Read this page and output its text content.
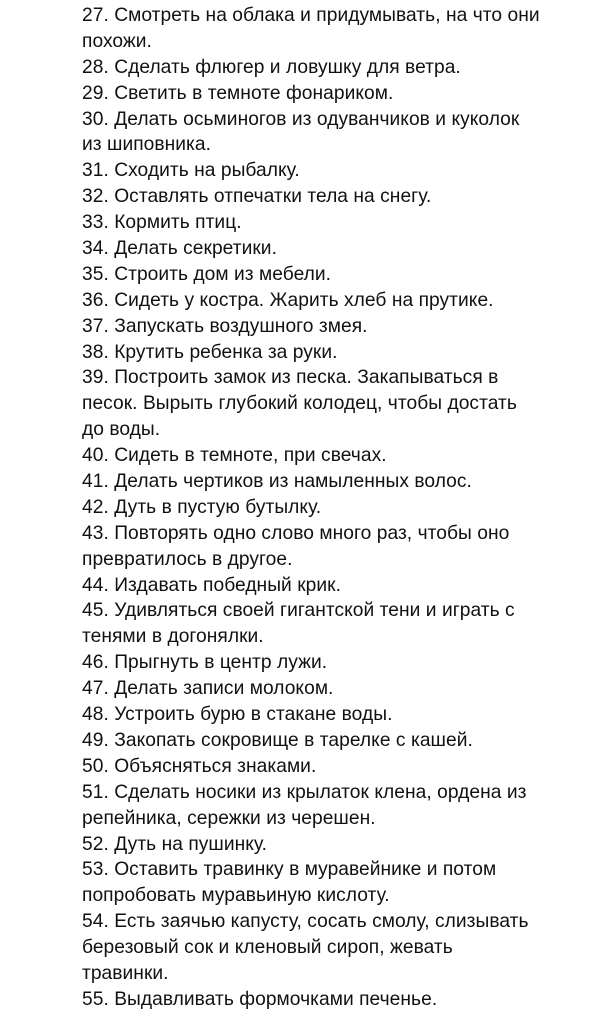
27. Смотреть на облака и придумывать, на что они
похожи.
28. Сделать флюгер и ловушку для ветра.
29. Светить в темноте фонариком.
30. Делать осьминогов из одуванчиков и куколок
из шиповника.
31. Сходить на рыбалку.
32. Оставлять отпечатки тела на снегу.
33. Кормить птиц.
34. Делать секретики.
35. Строить дом из мебели.
36. Сидеть у костра. Жарить хлеб на прутике.
37. Запускать воздушного змея.
38. Крутить ребенка за руки.
39. Построить замок из песка. Закапываться в
песок. Вырыть глубокий колодец, чтобы достать
до воды.
40. Сидеть в темноте, при свечах.
41. Делать чертиков из намыленных волос.
42. Дуть в пустую бутылку.
43. Повторять одно слово много раз, чтобы оно
превратилось в другое.
44. Издавать победный крик.
45. Удивляться своей гигантской тени и играть с
тенями в догонялки.
46. Прыгнуть в центр лужи.
47. Делать записи молоком.
48. Устроить бурю в стакане воды.
49. Закопать сокровище в тарелке с кашей.
50. Объясняться знаками.
51. Сделать носики из крылаток клена, ордена из
репейника, сережки из черешен.
52. Дуть на пушинку.
53. Оставить травинку в муравейнике и потом
попробовать муравьиную кислоту.
54. Есть заячью капусту, сосать смолу, слизывать
березовый сок и кленовый сироп, жевать
травинки.
55. Выдавливать формочками печенье.
